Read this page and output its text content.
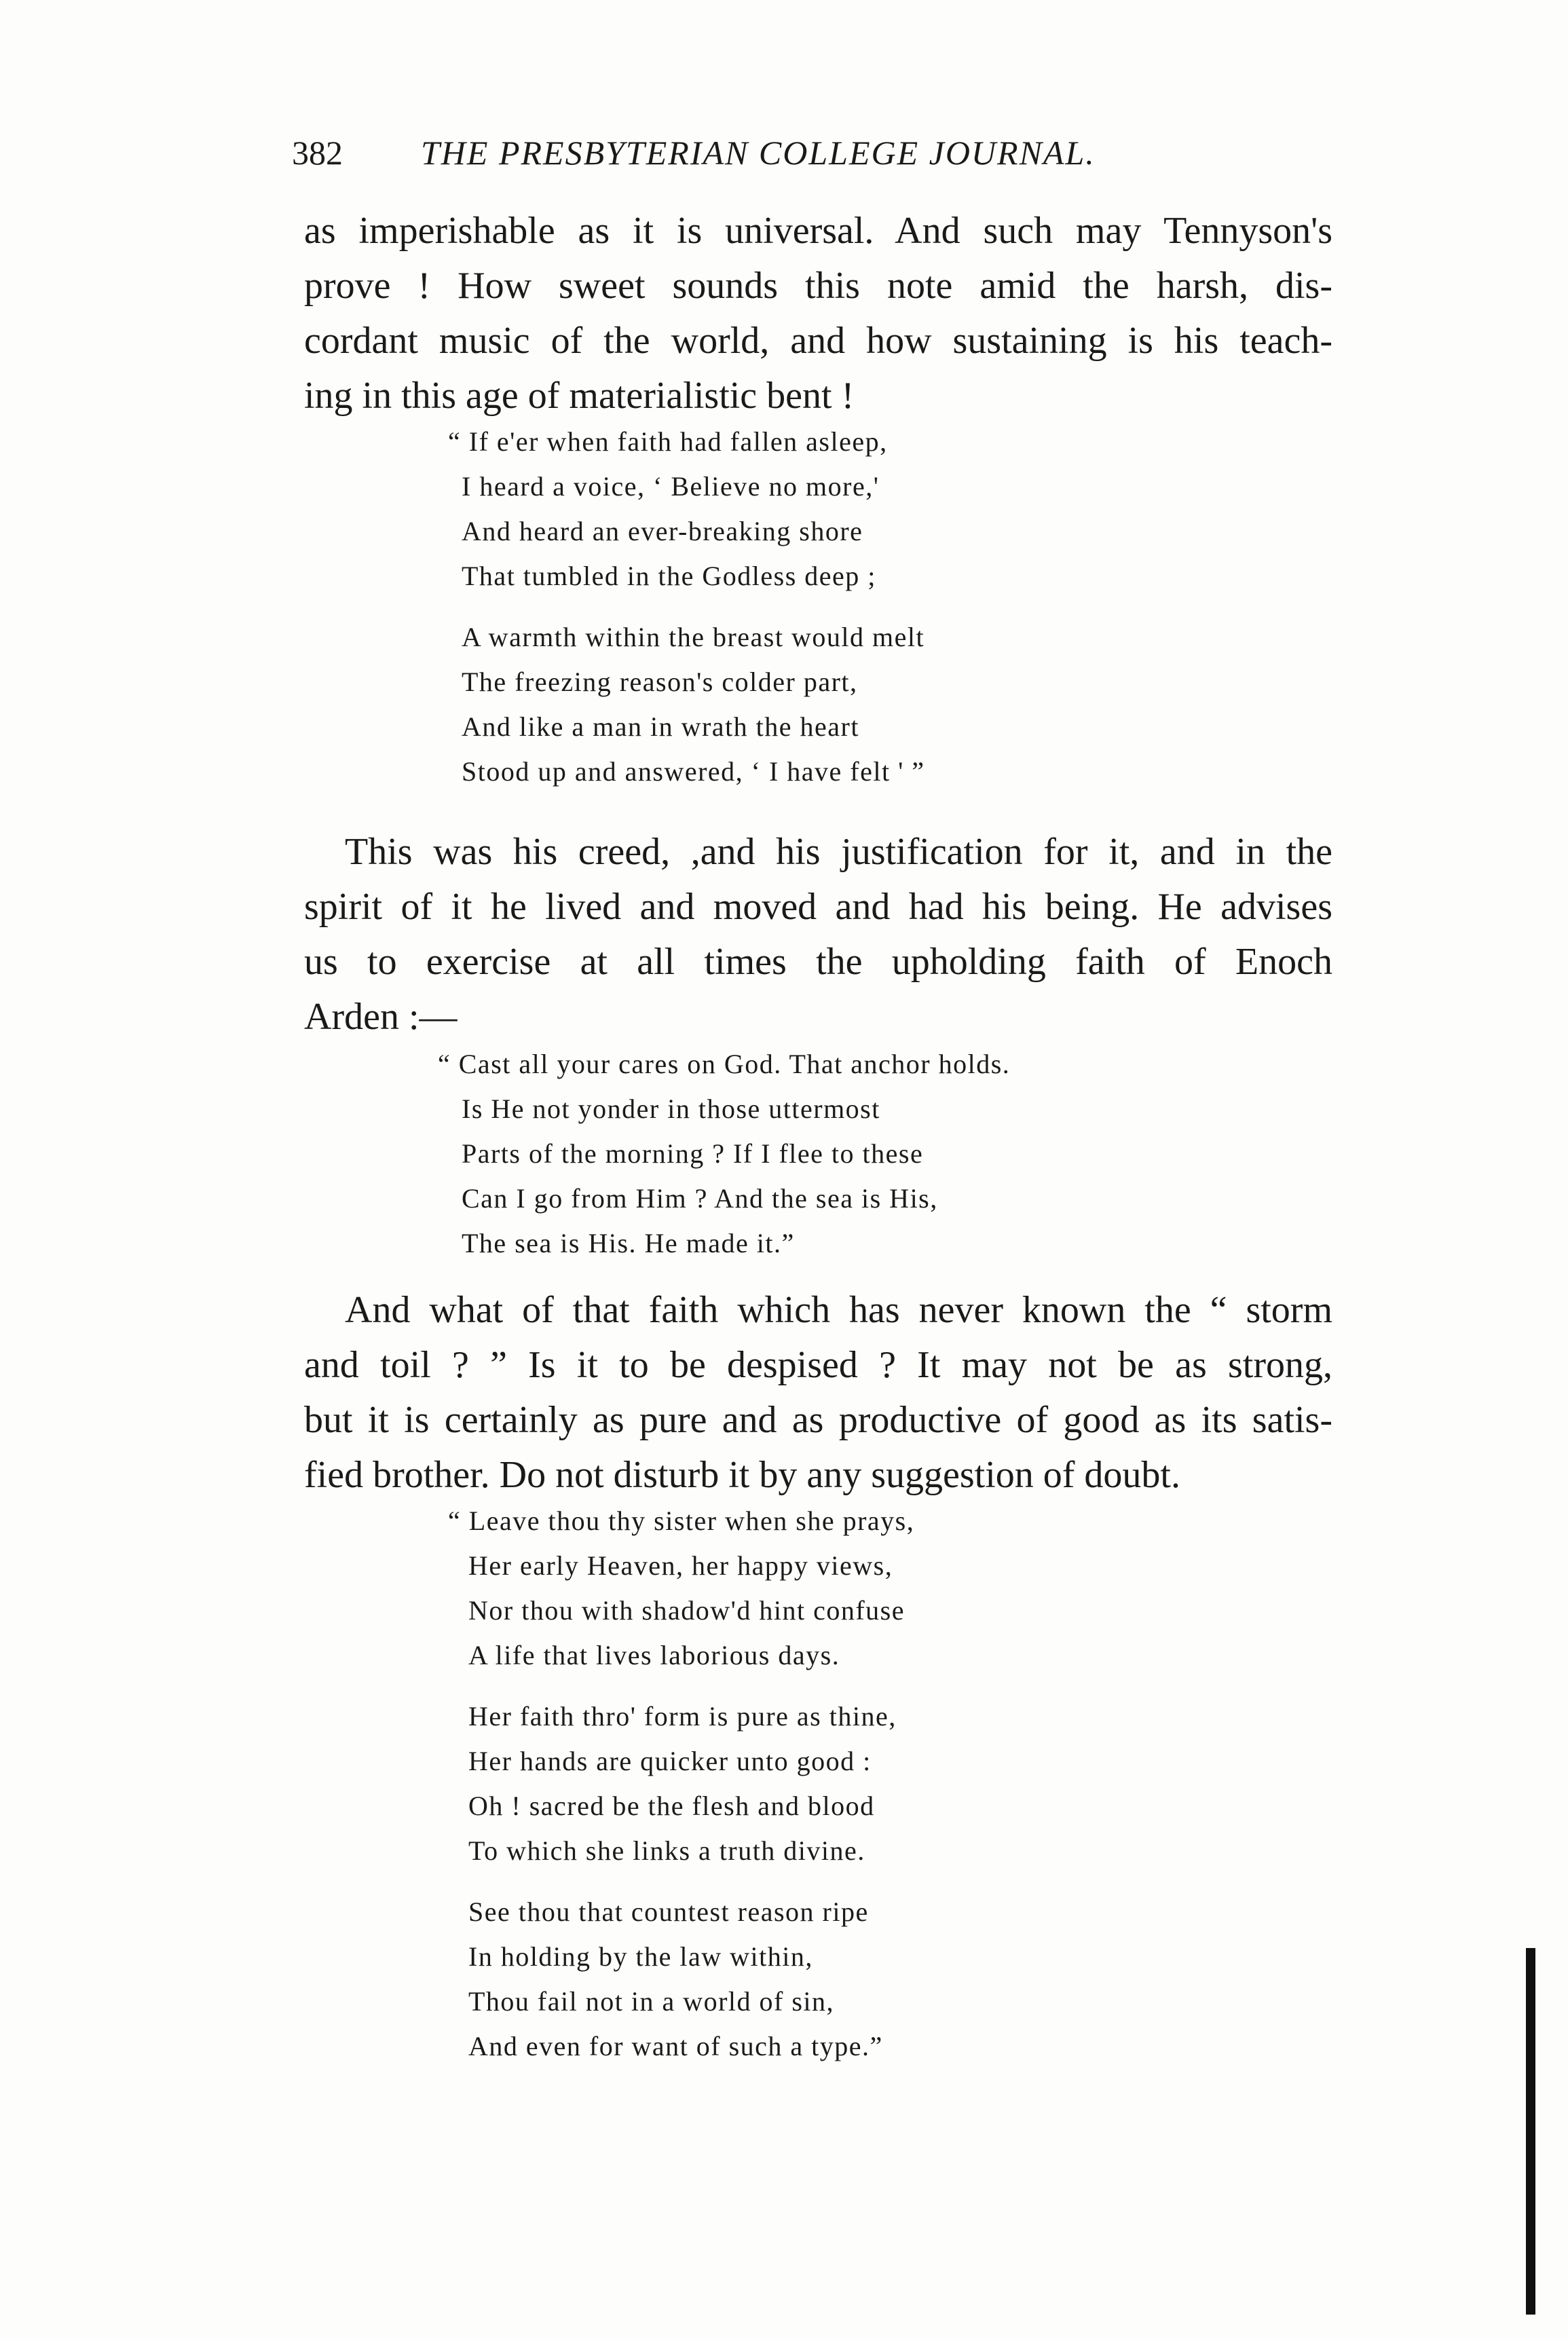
382 THE PRESBYTERIAN COLLEGE JOURNAL.
as imperishable as it is universal. And such may Tennyson's
prove ! How sweet sounds this note amid the harsh, dis-
cordant music of the world, and how sustaining is his teach-
ing in this age of materialistic bent !
“ If e'er when faith had fallen asleep,
I heard a voice, ‘ Believe no more,'
And heard an ever-breaking shore
That tumbled in the Godless deep ;
A warmth within the breast would melt
The freezing reason's colder part,
And like a man in wrath the heart
Stood up and answered, ‘ I have felt ' ”
This was his creed, ,and his justification for it, and in the
spirit of it he lived and moved and had his being. He advises
us to exercise at all times the upholding faith of Enoch
Arden :—
“ Cast all your cares on God. That anchor holds.
Is He not yonder in those uttermost
Parts of the morning ? If I flee to these
Can I go from Him ? And the sea is His,
The sea is His. He made it.”
And what of that faith which has never known the “ storm
and toil ? ” Is it to be despised ? It may not be as strong,
but it is certainly as pure and as productive of good as its satis-
fied brother. Do not disturb it by any suggestion of doubt.
“ Leave thou thy sister when she prays,
Her early Heaven, her happy views,
Nor thou with shadow'd hint confuse
A life that lives laborious days.
Her faith thro' form is pure as thine,
Her hands are quicker unto good :
Oh ! sacred be the flesh and blood
To which she links a truth divine.
See thou that countest reason ripe
In holding by the law within,
Thou fail not in a world of sin,
And even for want of such a type.”
